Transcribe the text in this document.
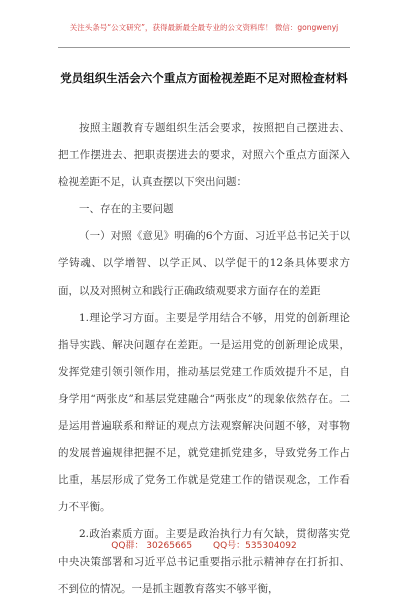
关注头条号“公文研究”，获得最新最全最专业的公文资料库！ 微信：gongwenyj
党员组织生活会六个重点方面检视差距不足对照检查材料

按照主题教育专题组织生活会要求，按照把自己摆进去、把工作摆进去、把职责摆进去的要求，对照六个重点方面深入检视差距不足，认真查摆以下突出问题：

一、存在的主要问题

（一）对照《意见》明确的6个方面、习近平总书记关于以学铸魂、以学增智、以学正风、以学促干的12条具体要求方面，以及对照树立和践行正确政绩观要求方面存在的差距

1.理论学习方面。主要是学用结合不够，用党的创新理论指导实践、解决问题存在差距。一是运用党的创新理论成果，发挥党建引领引领作用，推动基层党建工作质效提升不足，自身学用“两张皮”和基层党建融合“两张皮”的现象依然存在。二是运用普遍联系和辩证的观点方法观察解决问题不够，对事物的发展普遍规律把握不足，就党建抓党建多，导致党务工作占比重，基层形成了党务工作就是党建工作的错误观念，工作看力不平衡。

2.政治素质方面。主要是政治执行力有欠缺，贯彻落实党中央决策部署和习近平总书记重要指示批示精神存在打折扣、不到位的情况。一是抓主题教育落实不够平衡，

QQ群： 30265665 QQ号：535304092
